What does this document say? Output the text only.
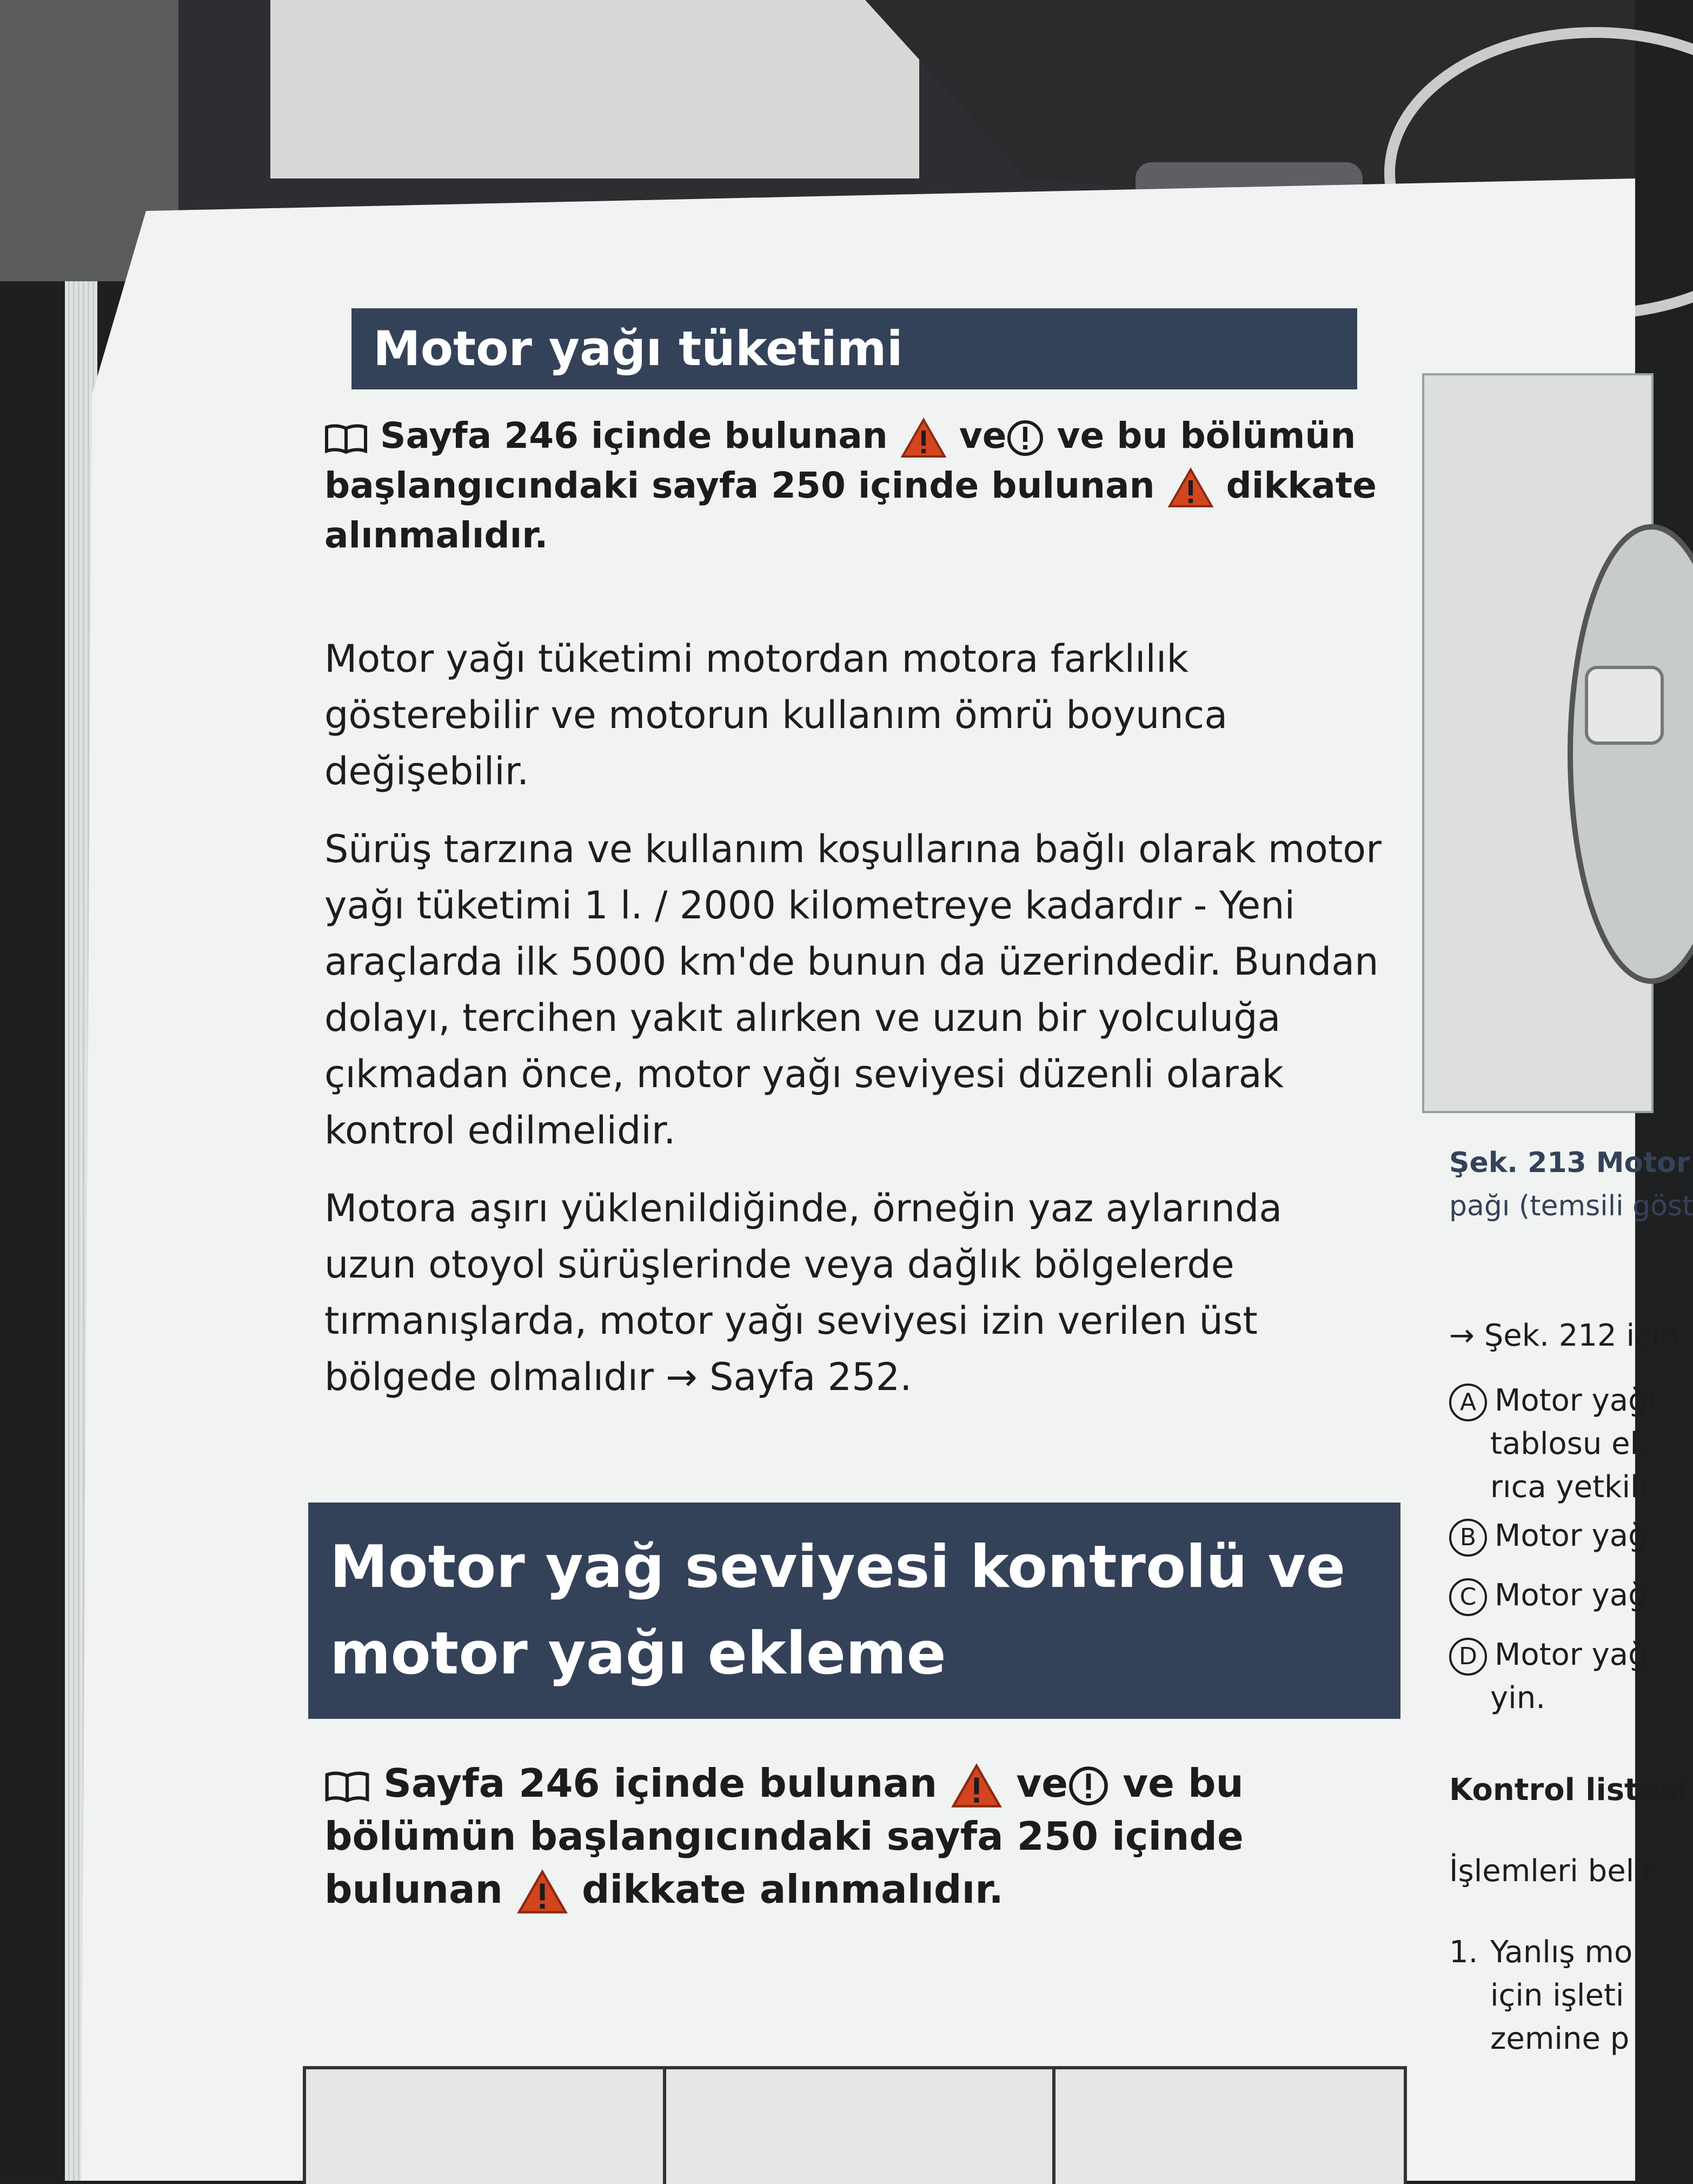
Motor yağı tüketimi

Sayfa 246 içinde bulunan ve ve bu bölümün başlangıcındaki sayfa 250 içinde bulunan dikkate alınmalıdır.

Motor yağı tüketimi motordan motora farklılık gösterebilir ve motorun kullanım ömrü boyunca değişebilir.

Sürüş tarzına ve kullanım koşullarına bağlı olarak motor yağı tüketimi 1 l. / 2000 kilometreye kadardır - Yeni araçlarda ilk 5000 km'de bunun da üzerindedir. Bundan dolayı, tercihen yakıt alırken ve uzun bir yolculuğa çıkmadan önce, motor yağı seviyesi düzenli olarak kontrol edilmelidir.

Motora aşırı yüklenildiğinde, örneğin yaz aylarında uzun otoyol sürüşlerinde veya dağlık bölgelerde tırmanışlarda, motor yağı seviyesi izin verilen üst bölgede olmalıdır → Sayfa 252.

Motor yağ seviyesi kontrolü ve motor yağı ekleme

Sayfa 246 içinde bulunan ve ve bu bölümün başlangıcındaki sayfa 250 içinde bulunan dikkate alınmalıdır.

Şek. 213 Motor
pağı (temsili göst
→ Şek. 212 için
A Motor yağı
tablosu ek
rıca yetkili
B Motor yağ
C Motor yağ
D Motor yağ
yin.
Kontrol listesi
İşlemleri belir
1. Yanlış mo
için işleti
zemine p
